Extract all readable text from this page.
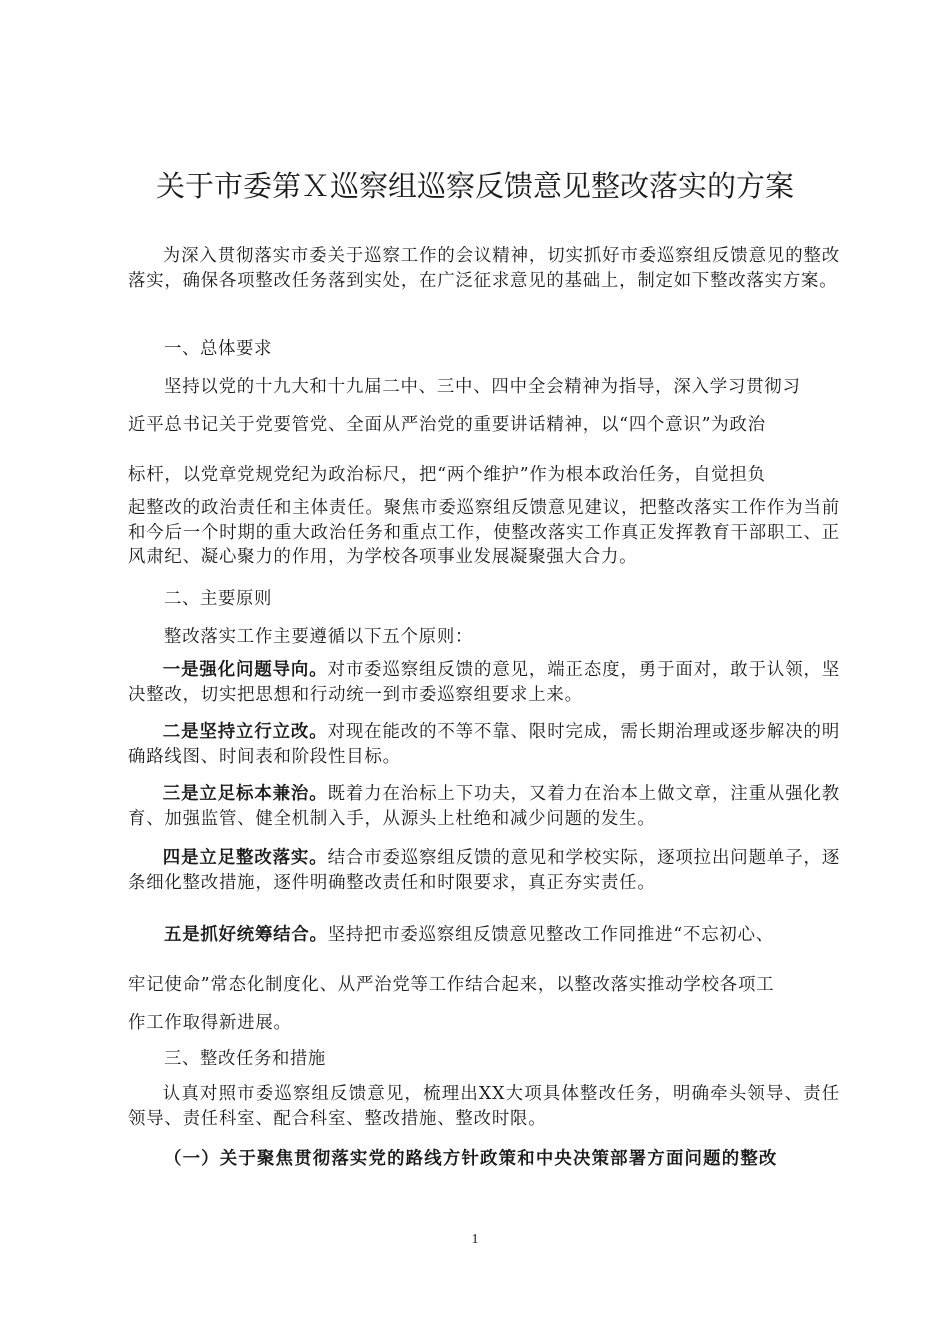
关于市委第Ｘ巡察组巡察反馈意见整改落实的方案

为深入贯彻落实市委关于巡察工作的会议精神，切实抓好市委巡察组反馈意见的整改落实，确保各项整改任务落到实处，在广泛征求意见的基础上，制定如下整改落实方案。

一、总体要求

坚持以党的十九大和十九届二中、三中、四中全会精神为指导，深入学习贯彻习

近平总书记关于党要管党、全面从严治党的重要讲话精神，以“四个意识”为政治

标杆，以党章党规党纪为政治标尺，把“两个维护”作为根本政治任务，自觉担负

起整改的政治责任和主体责任。聚焦市委巡察组反馈意见建议，把整改落实工作作为当前和今后一个时期的重大政治任务和重点工作，使整改落实工作真正发挥教育干部职工、正风肃纪、凝心聚力的作用，为学校各项事业发展凝聚强大合力。

二、主要原则

整改落实工作主要遵循以下五个原则：

一是强化问题导向。对市委巡察组反馈的意见，端正态度，勇于面对，敢于认领，坚决整改，切实把思想和行动统一到市委巡察组要求上来。

二是坚持立行立改。对现在能改的不等不靠、限时完成，需长期治理或逐步解决的明确路线图、时间表和阶段性目标。

三是立足标本兼治。既着力在治标上下功夫，又着力在治本上做文章，注重从强化教育、加强监管、健全机制入手，从源头上杜绝和减少问题的发生。

四是立足整改落实。结合市委巡察组反馈的意见和学校实际，逐项拉出问题单子，逐条细化整改措施，逐件明确整改责任和时限要求，真正夯实责任。

五是抓好统筹结合。坚持把市委巡察组反馈意见整改工作同推进“不忘初心、

牢记使命”常态化制度化、从严治党等工作结合起来，以整改落实推动学校各项工

作工作取得新进展。

三、整改任务和措施

认真对照市委巡察组反馈意见，梳理出XX大项具体整改任务，明确牵头领导、责任领导、责任科室、配合科室、整改措施、整改时限。

（一）关于聚焦贯彻落实党的路线方针政策和中央决策部署方面问题的整改

1
